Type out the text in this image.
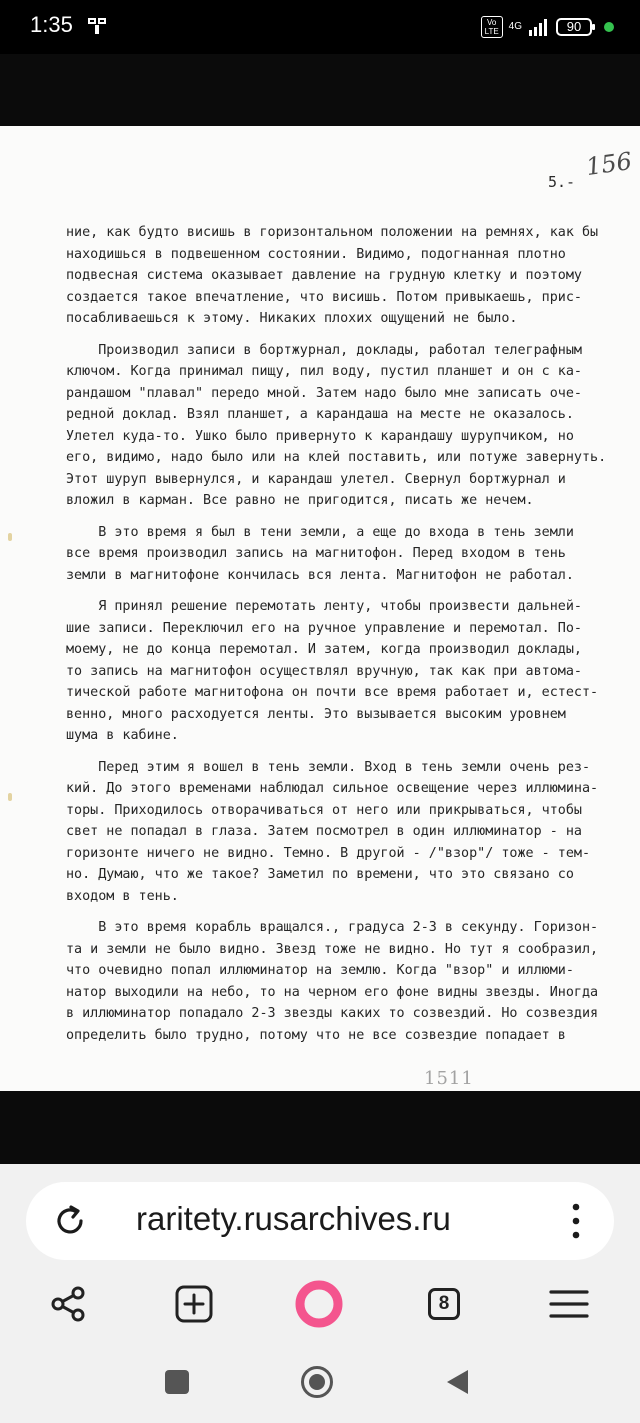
1:35	Vo LTE 4G	90
5.-
156
ние, как будто висишь в горизонтальном положении на ремнях, как бы
находишься в подвешенном состоянии. Видимо, подогнанная плотно
подвесная система оказывает давление на грудную клетку и поэтому
создается такое впечатление, что висишь. Потом привыкаешь, прис-
посабливаешься к этому. Никаких плохих ощущений не было.
Производил записи в бортжурнал, доклады, работал телеграфным
ключом. Когда принимал пищу, пил воду, пустил планшет и он с ка-
рандашом "плавал" передо мной. Затем надо было мне записать оче-
редной доклад. Взял планшет, а карандаша на месте не оказалось.
Улетел куда-то. Ушко было привернуто к карандашу шурупчиком, но
его, видимо, надо было или на клей поставить, или потуже завернуть.
Этот шуруп вывернулся, и карандаш улетел. Свернул бортжурнал и
вложил в карман. Все равно не пригодится, писать же нечем.
В это время я был в тени земли, а еще до входа в тень земли
все время производил запись на магнитофон. Перед входом в тень
земли в магнитофоне кончилась вся лента. Магнитофон не работал.
Я принял решение перемотать ленту, чтобы произвести дальней-
шие записи. Переключил его на ручное управление и перемотал. По-
моему, не до конца перемотал. И затем, когда производил доклады,
то запись на магнитофон осуществлял вручную, так как при автома-
тической работе магнитофона он почти все время работает и, естест-
венно, много расходуется ленты. Это вызывается высоким уровнем
шума в кабине.
Перед этим я вошел в тень земли. Вход в тень земли очень рез-
кий. До этого временами наблюдал сильное освещение через иллюмина-
торы. Приходилось отворачиваться от него или прикрываться, чтобы
свет не попадал в глаза. Затем посмотрел в один иллюминатор - на
горизонте ничего не видно. Темно. В другой - /"взор"/ тоже - тем-
но. Думаю, что же такое? Заметил по времени, что это связано со
входом в тень.
В это время корабль вращался., градуса 2-3 в секунду. Горизон-
та и земли не было видно. Звезд тоже не видно. Но тут я сообразил,
что очевидно попал иллюминатор на землю. Когда "взор" и иллюми-
натор выходили на небо, то на черном его фоне видны звезды. Иногда
в иллюминатор попадало 2-3 звезды каких то созвездий. Но созвездия
определить было трудно, потому что не все созвездие попадает в
1511
raritety.rusarchives.ru
8
